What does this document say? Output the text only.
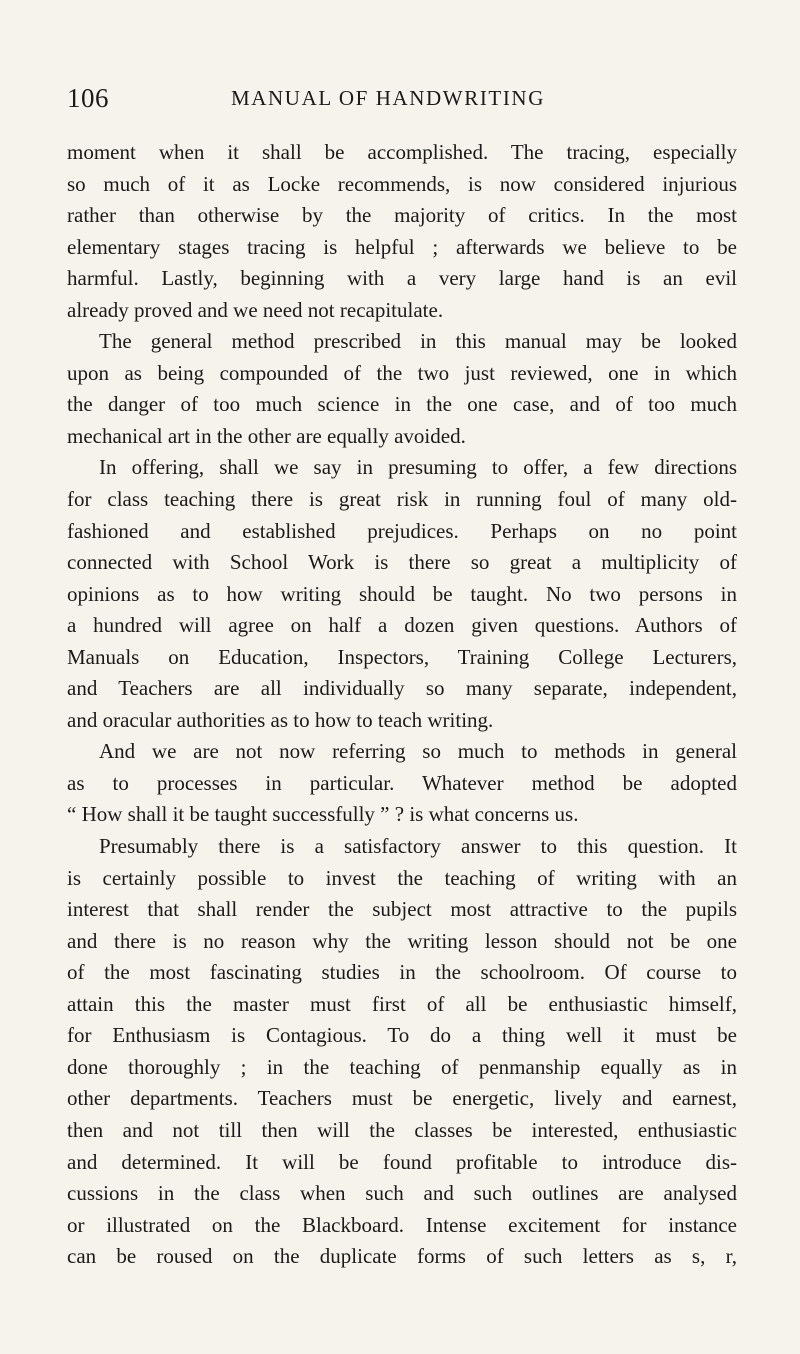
106	MANUAL OF HANDWRITING
moment when it shall be accomplished. The tracing, especially
so much of it as Locke recommends, is now considered injurious
rather than otherwise by the majority of critics. In the most
elementary stages tracing is helpful ; afterwards we believe to be
harmful. Lastly, beginning with a very large hand is an evil
already proved and we need not recapitulate.
The general method prescribed in this manual may be looked
upon as being compounded of the two just reviewed, one in which
the danger of too much science in the one case, and of too much
mechanical art in the other are equally avoided.
In offering, shall we say in presuming to offer, a few directions
for class teaching there is great risk in running foul of many old-
fashioned and established prejudices. Perhaps on no point
connected with School Work is there so great a multiplicity of
opinions as to how writing should be taught. No two persons in
a hundred will agree on half a dozen given questions. Authors of
Manuals on Education, Inspectors, Training College Lecturers,
and Teachers are all individually so many separate, independent,
and oracular authorities as to how to teach writing.
And we are not now referring so much to methods in general
as to processes in particular. Whatever method be adopted
“ How shall it be taught successfully ” ? is what concerns us.
Presumably there is a satisfactory answer to this question. It
is certainly possible to invest the teaching of writing with an
interest that shall render the subject most attractive to the pupils
and there is no reason why the writing lesson should not be one
of the most fascinating studies in the schoolroom. Of course to
attain this the master must first of all be enthusiastic himself,
for Enthusiasm is Contagious. To do a thing well it must be
done thoroughly ; in the teaching of penmanship equally as in
other departments. Teachers must be energetic, lively and earnest,
then and not till then will the classes be interested, enthusiastic
and determined. It will be found profitable to introduce dis-
cussions in the class when such and such outlines are analysed
or illustrated on the Blackboard. Intense excitement for instance
can be roused on the duplicate forms of such letters as s, r,
